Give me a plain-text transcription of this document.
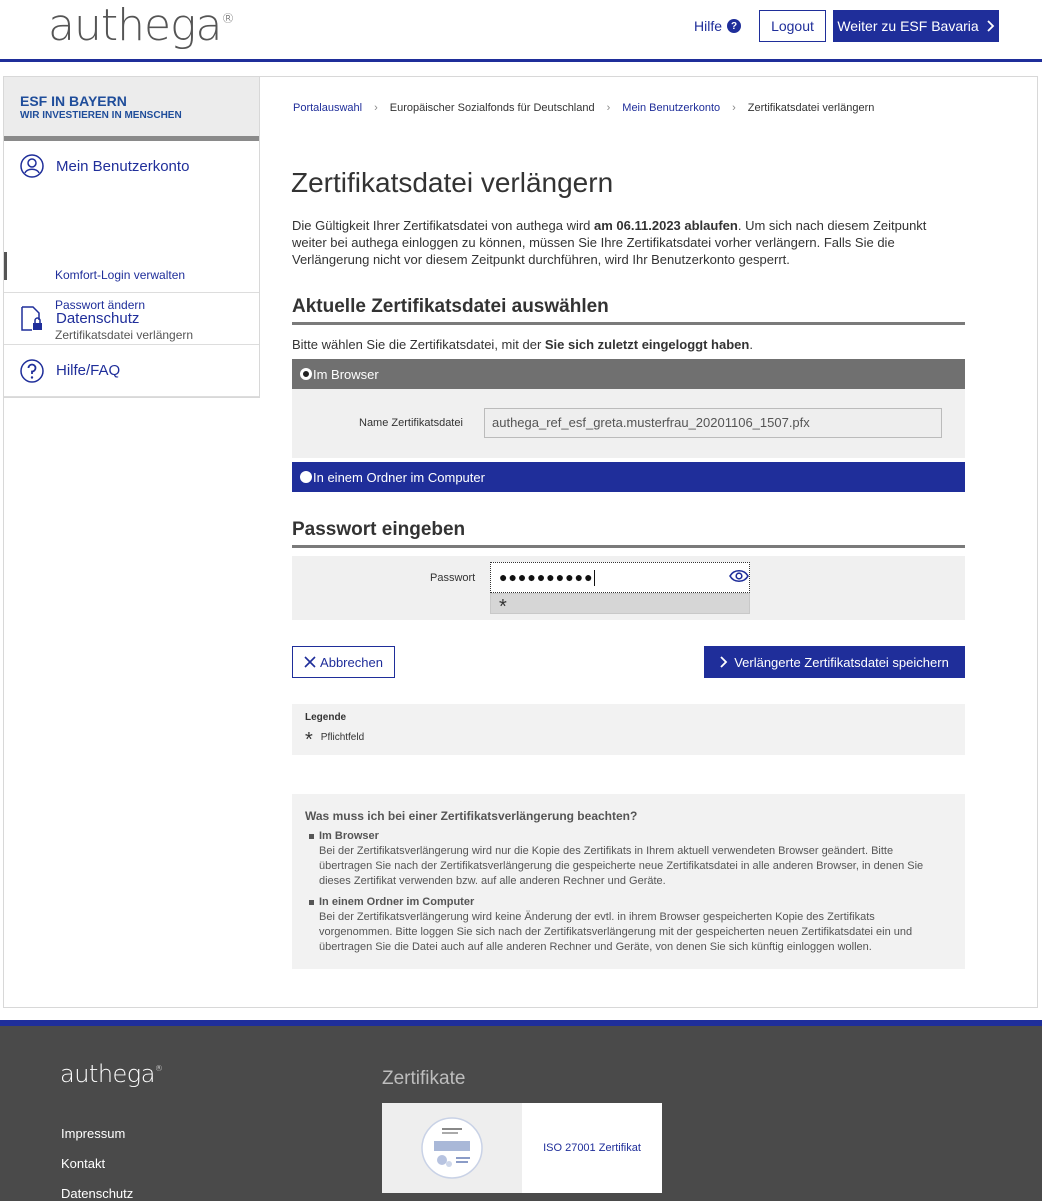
authega®	Hilfe ?	Logout	Weiter zu ESF Bavaria
ESF IN BAYERN
WIR INVESTIEREN IN MENSCHEN
Mein Benutzerkonto
Komfort-Login verwalten
Passwort ändern
Zertifikatsdatei verlängern
Datenschutz
Hilfe/FAQ
Portalauswahl › Europäischer Sozialfonds für Deutschland › Mein Benutzerkonto › Zertifikatsdatei verlängern
Zertifikatsdatei verlängern

Die Gültigkeit Ihrer Zertifikatsdatei von authega wird am 06.11.2023 ablaufen. Um sich nach diesem Zeitpunkt weiter bei authega einloggen zu können, müssen Sie Ihre Zertifikatsdatei vorher verlängern. Falls Sie die Verlängerung nicht vor diesem Zeitpunkt durchführen, wird Ihr Benutzerkonto gesperrt.

Aktuelle Zertifikatsdatei auswählen

Bitte wählen Sie die Zertifikatsdatei, mit der Sie sich zuletzt eingeloggt haben.

Im Browser
Name Zertifikatsdatei	authega_ref_esf_greta.musterfrau_20201106_1507.pfx
In einem Ordner im Computer
Passwort eingeben
Passwort	●●●●●●●●●●
*
Abbrechen	Verlängerte Zertifikatsdatei speichern
Legende
* Pflichtfeld
Was muss ich bei einer Zertifikatsverlängerung beachten?
Im Browser
Bei der Zertifikatsverlängerung wird nur die Kopie des Zertifikats in Ihrem aktuell verwendeten Browser geändert. Bitte übertragen Sie nach der Zertifikatsverlängerung die gespeicherte neue Zertifikatsdatei in alle anderen Browser, in denen Sie dieses Zertifikat verwenden bzw. auf alle anderen Rechner und Geräte.
In einem Ordner im Computer
Bei der Zertifikatsverlängerung wird keine Änderung der evtl. in ihrem Browser gespeicherten Kopie des Zertifikats vorgenommen. Bitte loggen Sie sich nach der Zertifikatsverlängerung mit der gespeicherten neuen Zertifikatsdatei ein und übertragen Sie die Datei auch auf alle anderen Rechner und Geräte, von denen Sie sich künftig einloggen wollen.
authega®
Impressum
Kontakt
Datenschutz
Zertifikate
ISO 27001 Zertifikat
